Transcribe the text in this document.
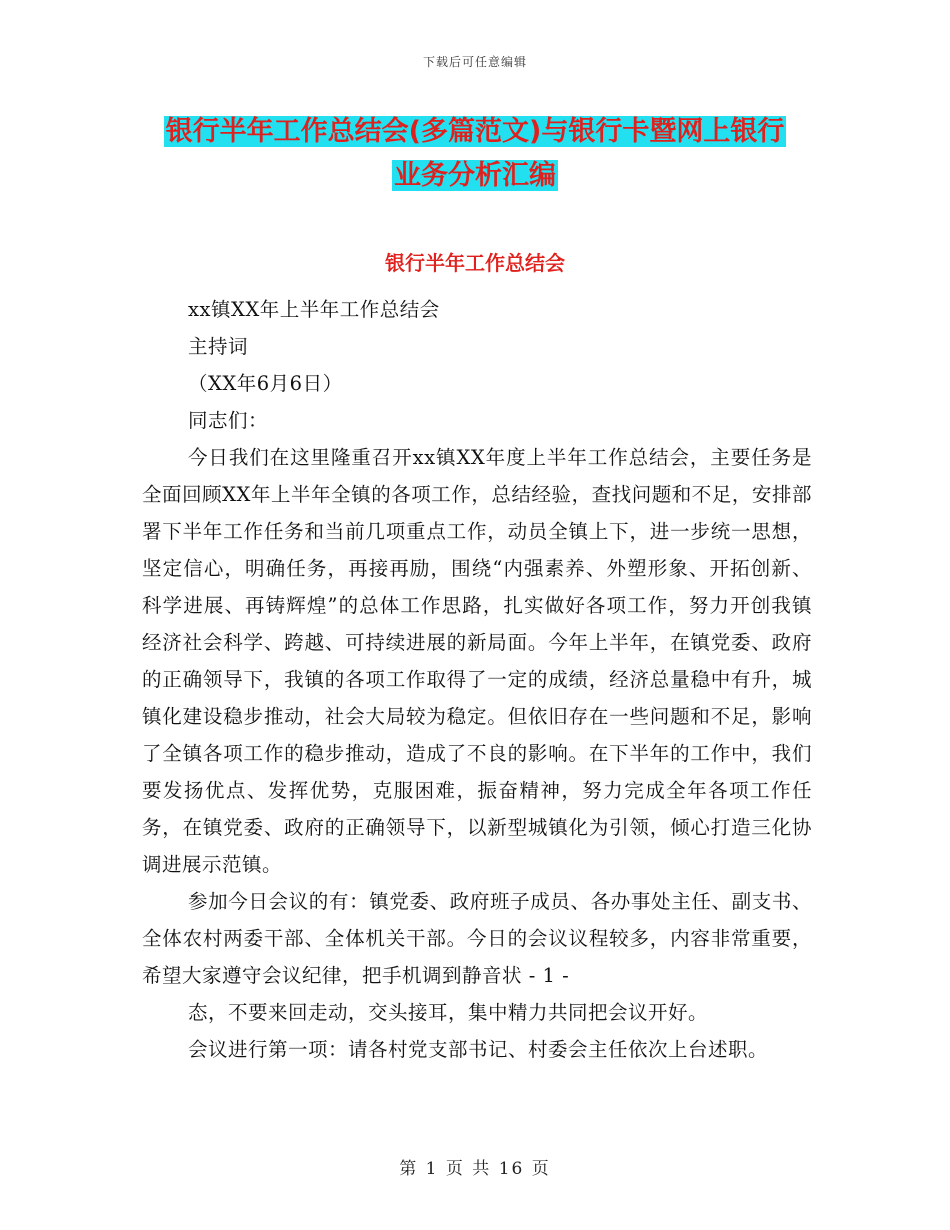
下载后可任意编辑
银行半年工作总结会(多篇范文)与银行卡暨网上银行
业务分析汇编
银行半年工作总结会

xx镇XX年上半年工作总结会

主持词

（XX年6月6日）

同志们：

今日我们在这里隆重召开xx镇XX年度上半年工作总结会，主要任务是全面回顾XX年上半年全镇的各项工作，总结经验，查找问题和不足，安排部署下半年工作任务和当前几项重点工作，动员全镇上下，进一步统一思想，坚定信心，明确任务，再接再励，围绕“内强素养、外塑形象、开拓创新、科学进展、再铸辉煌”的总体工作思路，扎实做好各项工作，努力开创我镇经济社会科学、跨越、可持续进展的新局面。今年上半年，在镇党委、政府的正确领导下，我镇的各项工作取得了一定的成绩，经济总量稳中有升，城镇化建设稳步推动，社会大局较为稳定。但依旧存在一些问题和不足，影响了全镇各项工作的稳步推动，造成了不良的影响。在下半年的工作中，我们要发扬优点、发挥优势，克服困难，振奋精神，努力完成全年各项工作任务，在镇党委、政府的正确领导下，以新型城镇化为引领，倾心打造三化协调进展示范镇。

参加今日会议的有：镇党委、政府班子成员、各办事处主任、副支书、全体农村两委干部、全体机关干部。今日的会议议程较多，内容非常重要，希望大家遵守会议纪律，把手机调到静音状 - 1 -

态，不要来回走动，交头接耳，集中精力共同把会议开好。

会议进行第一项：请各村党支部书记、村委会主任依次上台述职。

第 1 页 共 16 页
